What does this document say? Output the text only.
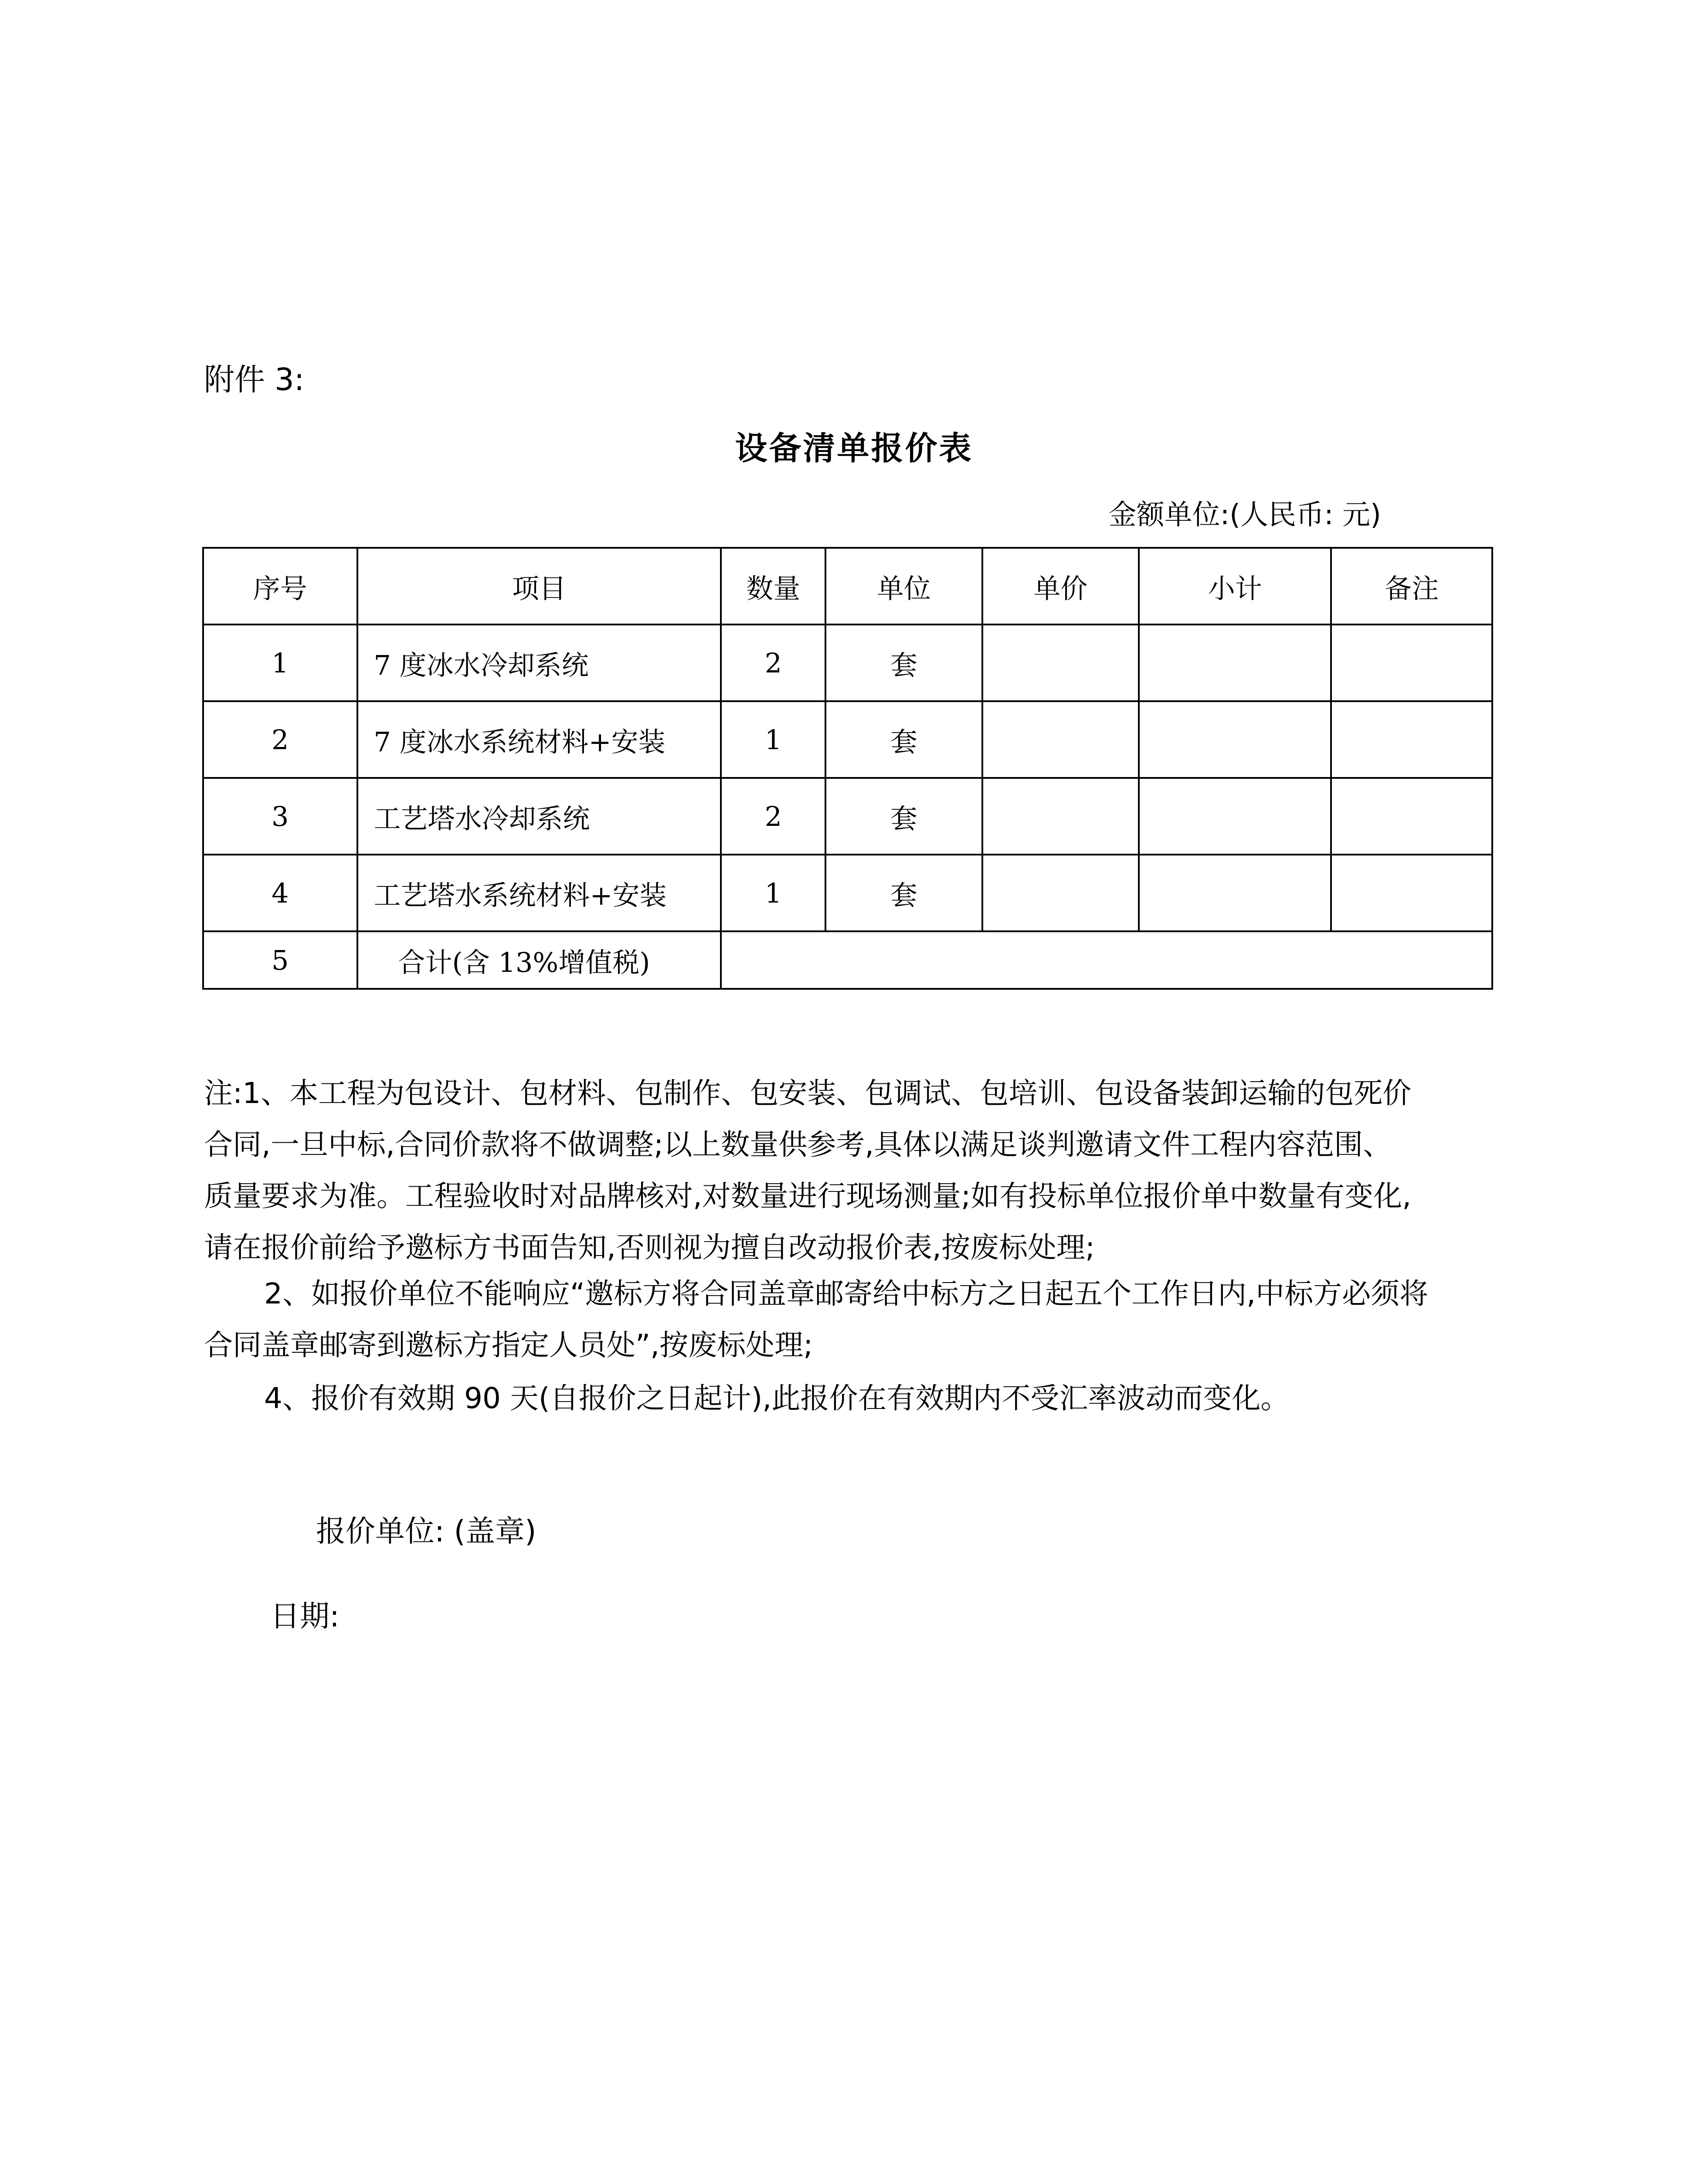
附件 3:
设备清单报价表
金额单位:(人民币: 元)
序号	项目	数量	单位	单价	小计	备注
1	7 度冰水冷却系统	2	套			
2	7 度冰水系统材料+安装	1	套			
3	工艺塔水冷却系统	2	套			
4	工艺塔水系统材料+安装	1	套			
5	合计(含 13%增值税)					

注:1、本工程为包设计、包材料、包制作、包安装、包调试、包培训、包设备装卸运输的包死价

合同,一旦中标,合同价款将不做调整;以上数量供参考,具体以满足谈判邀请文件工程内容范围、

质量要求为准。工程验收时对品牌核对,对数量进行现场测量;如有投标单位报价单中数量有变化,

请在报价前给予邀标方书面告知,否则视为擅自改动报价表,按废标处理;

2、如报价单位不能响应“邀标方将合同盖章邮寄给中标方之日起五个工作日内,中标方必须将

合同盖章邮寄到邀标方指定人员处”,按废标处理;

4、报价有效期 90 天(自报价之日起计),此报价在有效期内不受汇率波动而变化。

报价单位: (盖章)
日期:
